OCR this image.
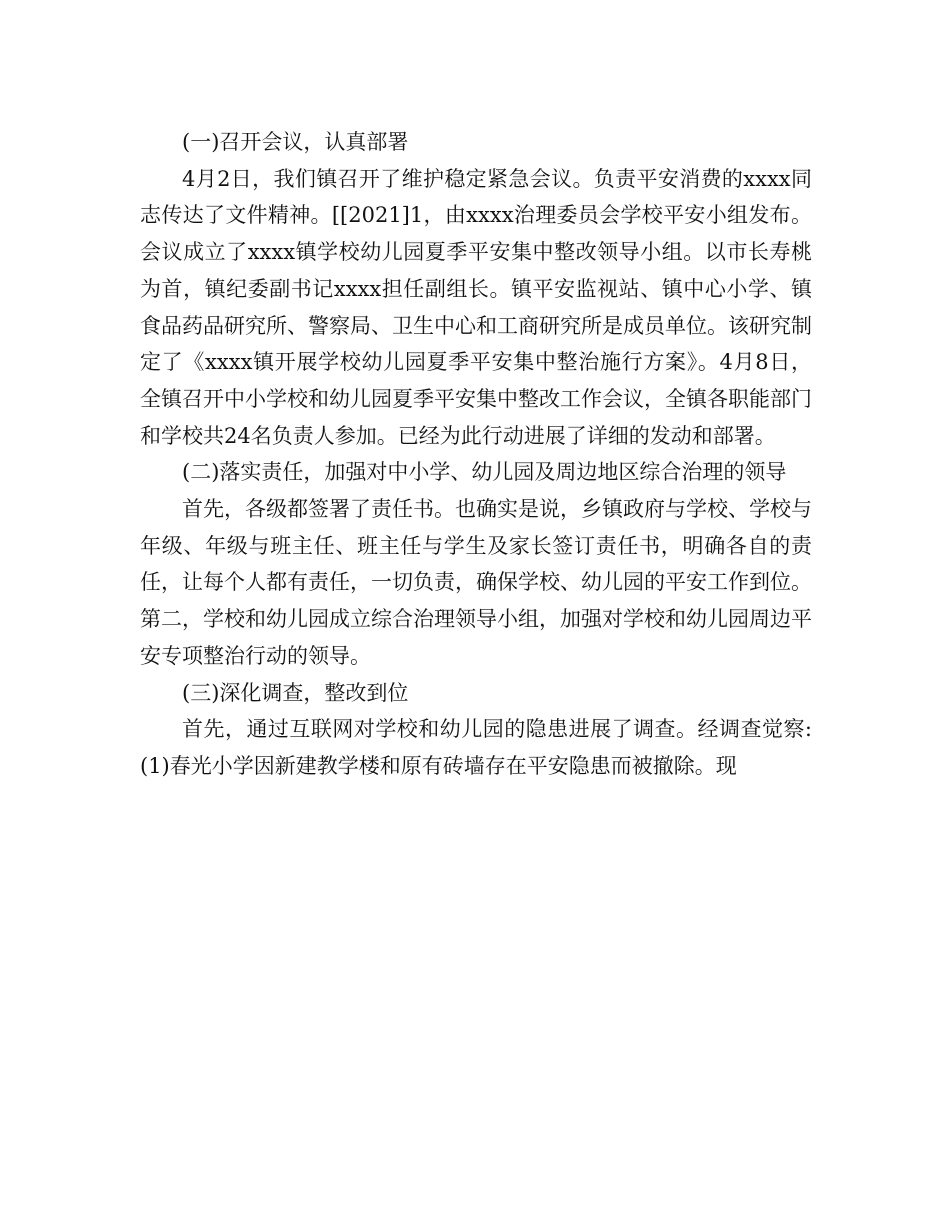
(一)召开会议，认真部署

4月2日，我们镇召开了维护稳定紧急会议。负责平安消费的xxxx同志传达了文件精神。[[2021]1，由xxxx治理委员会学校平安小组发布。会议成立了xxxx镇学校幼儿园夏季平安集中整改领导小组。以市长寿桃为首，镇纪委副书记xxxx担任副组长。镇平安监视站、镇中心小学、镇食品药品研究所、警察局、卫生中心和工商研究所是成员单位。该研究制定了《xxxx镇开展学校幼儿园夏季平安集中整治施行方案》。4月8日，全镇召开中小学校和幼儿园夏季平安集中整改工作会议，全镇各职能部门和学校共24名负责人参加。已经为此行动进展了详细的发动和部署。

(二)落实责任，加强对中小学、幼儿园及周边地区综合治理的领导

首先，各级都签署了责任书。也确实是说，乡镇政府与学校、学校与年级、年级与班主任、班主任与学生及家长签订责任书，明确各自的责任，让每个人都有责任，一切负责，确保学校、幼儿园的平安工作到位。第二，学校和幼儿园成立综合治理领导小组，加强对学校和幼儿园周边平安专项整治行动的领导。

(三)深化调查，整改到位

首先，通过互联网对学校和幼儿园的隐患进展了调查。经调查觉察:(1)春光小学因新建教学楼和原有砖墙存在平安隐患而被撤除。现
